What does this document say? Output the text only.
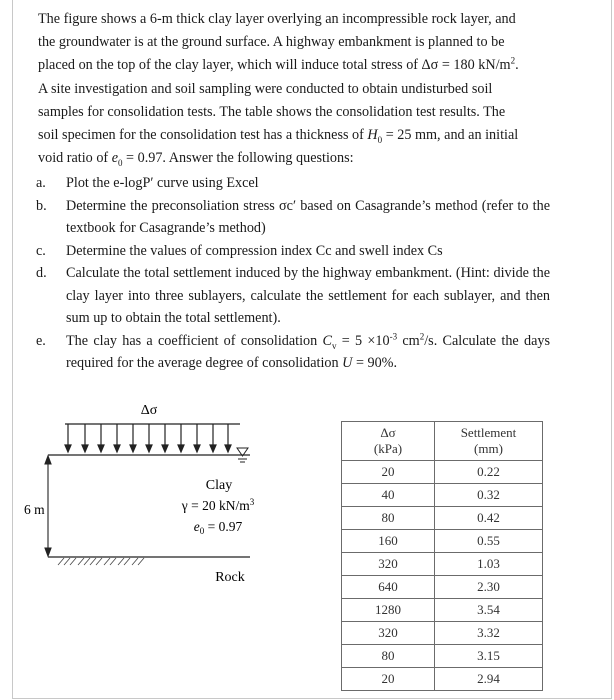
The figure shows a 6-m thick clay layer overlying an incompressible rock layer, and
the groundwater is at the ground surface. A highway embankment is planned to be
placed on the top of the clay layer, which will induce total stress of Δσ = 180 $kN/m^2$.
A site investigation and soil sampling were conducted to obtain undisturbed soil
samples for consolidation tests. The table shows the consolidation test results. The
soil specimen for the consolidation test has a thickness of $H_0 = 25$ mm, and an initial
void ratio of $e_0 = 0.97$. Answer the following questions:
a. Plot the e-logP′ curve using Excel
b. Determine the preconsoliation stress σc′ based on Casagrande’s method (refer to the textbook for Casagrande’s method)
c. Determine the values of compression index Cc and swell index Cs
d. Calculate the total settlement induced by the highway embankment. (Hint: divide the clay layer into three sublayers, calculate the settlement for each sublayer, and then sum up to obtain the total settlement).
e. The clay has a coefficient of consolidation $C_v = 5 \times 10^{-3}$ $cm^2/s$. Calculate the days required for the average degree of consolidation U = 90%.
Δσ
6 m
Clay
γ = 20 $kN/m^3$
$e_0 = 0.97$
Rock
Δσ
(kPa)	Settlement
(mm)
20	0.22
40	0.32
80	0.42
160	0.55
320	1.03
640	2.30
1280	3.54
320	3.32
80	3.15
20	2.94
